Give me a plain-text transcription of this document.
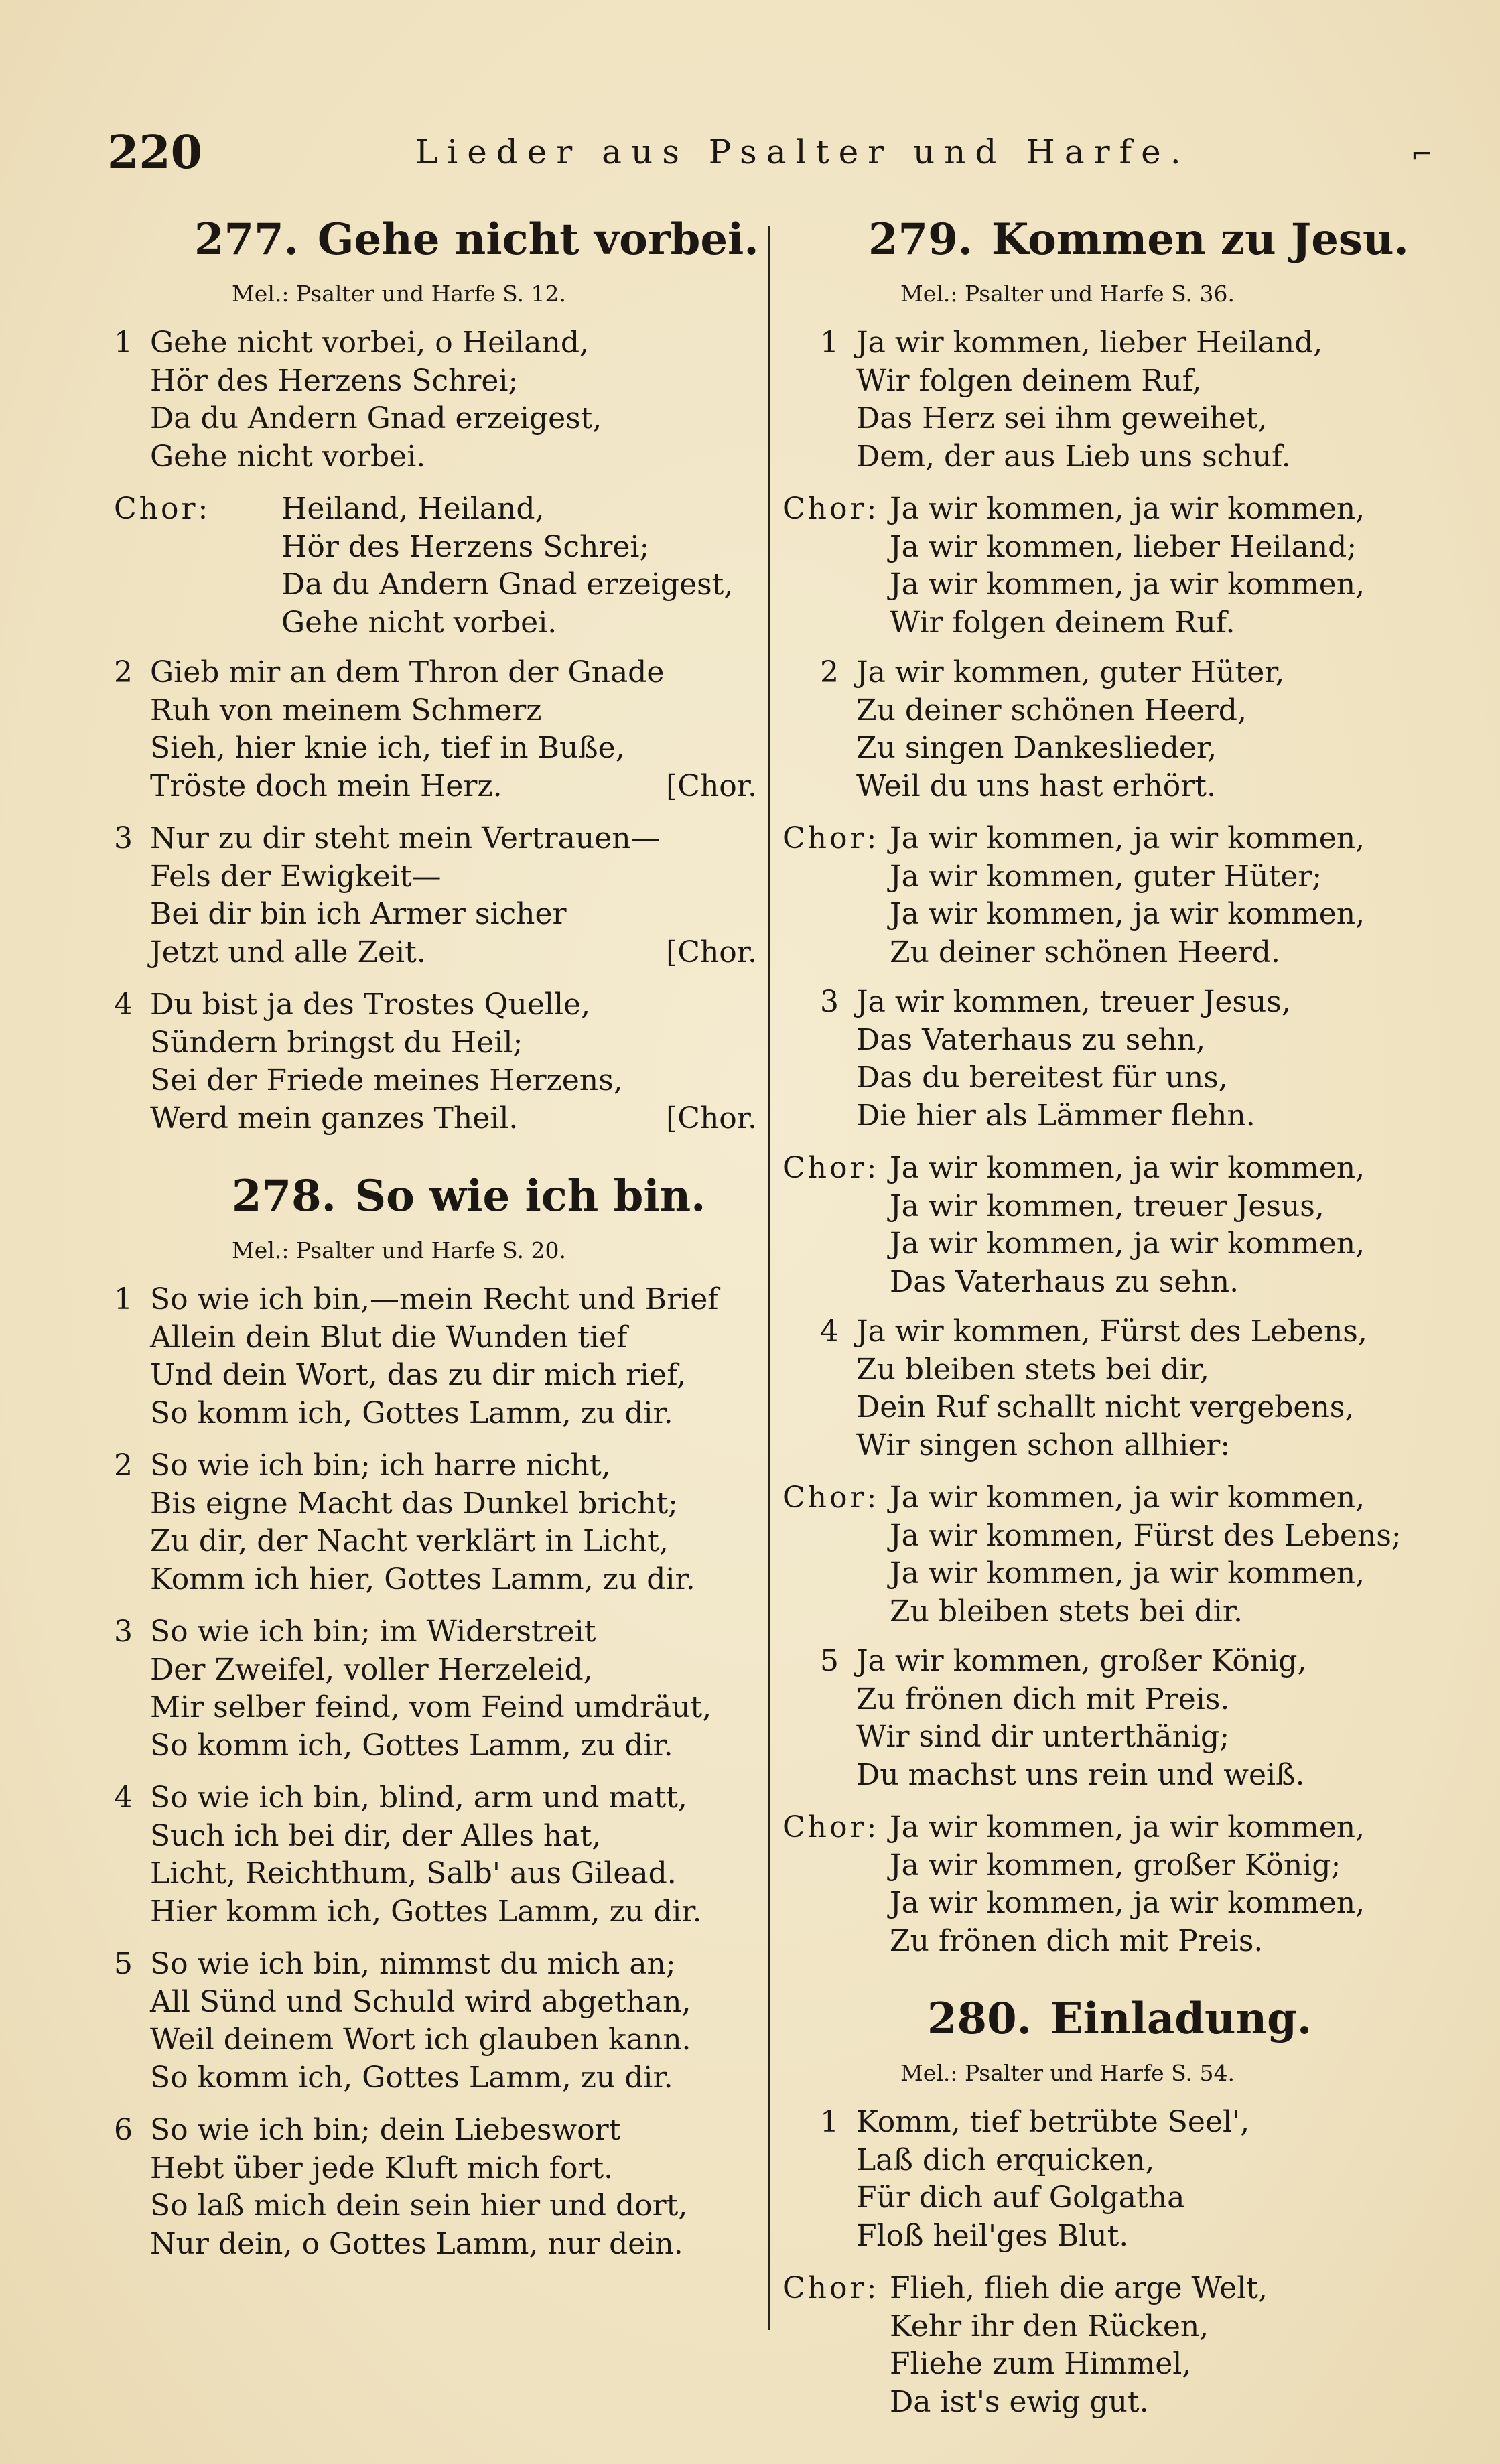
220	Lieder aus Psalter und Harfe.	⌐
277. Gehe nicht vorbei.
Mel.: Psalter und Harfe S. 12.
1 Gehe nicht vorbei, o Heiland,
Hör des Herzens Schrei;
Da du Andern Gnad erzeigest,
Gehe nicht vorbei.
Chor: Heiland, Heiland,
Hör des Herzens Schrei;
Da du Andern Gnad erzeigest,
Gehe nicht vorbei.
2 Gieb mir an dem Thron der Gnade
Ruh von meinem Schmerz
Sieh, hier knie ich, tief in Buße,
Tröste doch mein Herz.	[Chor.
3 Nur zu dir steht mein Vertrauen—
Fels der Ewigkeit—
Bei dir bin ich Armer sicher
Jetzt und alle Zeit.	[Chor.
4 Du bist ja des Trostes Quelle,
Sündern bringst du Heil;
Sei der Friede meines Herzens,
Werd mein ganzes Theil.	[Chor.
278. So wie ich bin.
Mel.: Psalter und Harfe S. 20.
1 So wie ich bin,—mein Recht und Brief
Allein dein Blut die Wunden tief
Und dein Wort, das zu dir mich rief,
So komm ich, Gottes Lamm, zu dir.
2 So wie ich bin; ich harre nicht,
Bis eigne Macht das Dunkel bricht;
Zu dir, der Nacht verklärt in Licht,
Komm ich hier, Gottes Lamm, zu dir.
3 So wie ich bin; im Widerstreit
Der Zweifel, voller Herzeleid,
Mir selber feind, vom Feind umdräut,
So komm ich, Gottes Lamm, zu dir.
4 So wie ich bin, blind, arm und matt,
Such ich bei dir, der Alles hat,
Licht, Reichthum, Salb' aus Gilead.
Hier komm ich, Gottes Lamm, zu dir.
5 So wie ich bin, nimmst du mich an;
All Sünd und Schuld wird abgethan,
Weil deinem Wort ich glauben kann.
So komm ich, Gottes Lamm, zu dir.
6 So wie ich bin; dein Liebeswort
Hebt über jede Kluft mich fort.
So laß mich dein sein hier und dort,
Nur dein, o Gottes Lamm, nur dein.
279. Kommen zu Jesu.
Mel.: Psalter und Harfe S. 36.
1 Ja wir kommen, lieber Heiland,
Wir folgen deinem Ruf,
Das Herz sei ihm geweihet,
Dem, der aus Lieb uns schuf.
Chor: Ja wir kommen, ja wir kommen,
Ja wir kommen, lieber Heiland;
Ja wir kommen, ja wir kommen,
Wir folgen deinem Ruf.
2 Ja wir kommen, guter Hüter,
Zu deiner schönen Heerd,
Zu singen Dankeslieder,
Weil du uns hast erhört.
Chor: Ja wir kommen, ja wir kommen,
Ja wir kommen, guter Hüter;
Ja wir kommen, ja wir kommen,
Zu deiner schönen Heerd.
3 Ja wir kommen, treuer Jesus,
Das Vaterhaus zu sehn,
Das du bereitest für uns,
Die hier als Lämmer flehn.
Chor: Ja wir kommen, ja wir kommen,
Ja wir kommen, treuer Jesus,
Ja wir kommen, ja wir kommen,
Das Vaterhaus zu sehn.
4 Ja wir kommen, Fürst des Lebens,
Zu bleiben stets bei dir,
Dein Ruf schallt nicht vergebens,
Wir singen schon allhier:
Chor: Ja wir kommen, ja wir kommen,
Ja wir kommen, Fürst des Lebens;
Ja wir kommen, ja wir kommen,
Zu bleiben stets bei dir.
5 Ja wir kommen, großer König,
Zu frönen dich mit Preis.
Wir sind dir unterthänig;
Du machst uns rein und weiß.
Chor: Ja wir kommen, ja wir kommen,
Ja wir kommen, großer König;
Ja wir kommen, ja wir kommen,
Zu frönen dich mit Preis.
280. Einladung.
Mel.: Psalter und Harfe S. 54.
1 Komm, tief betrübte Seel',
Laß dich erquicken,
Für dich auf Golgatha
Floß heil'ges Blut.
Chor: Flieh, flieh die arge Welt,
Kehr ihr den Rücken,
Fliehe zum Himmel,
Da ist's ewig gut.
